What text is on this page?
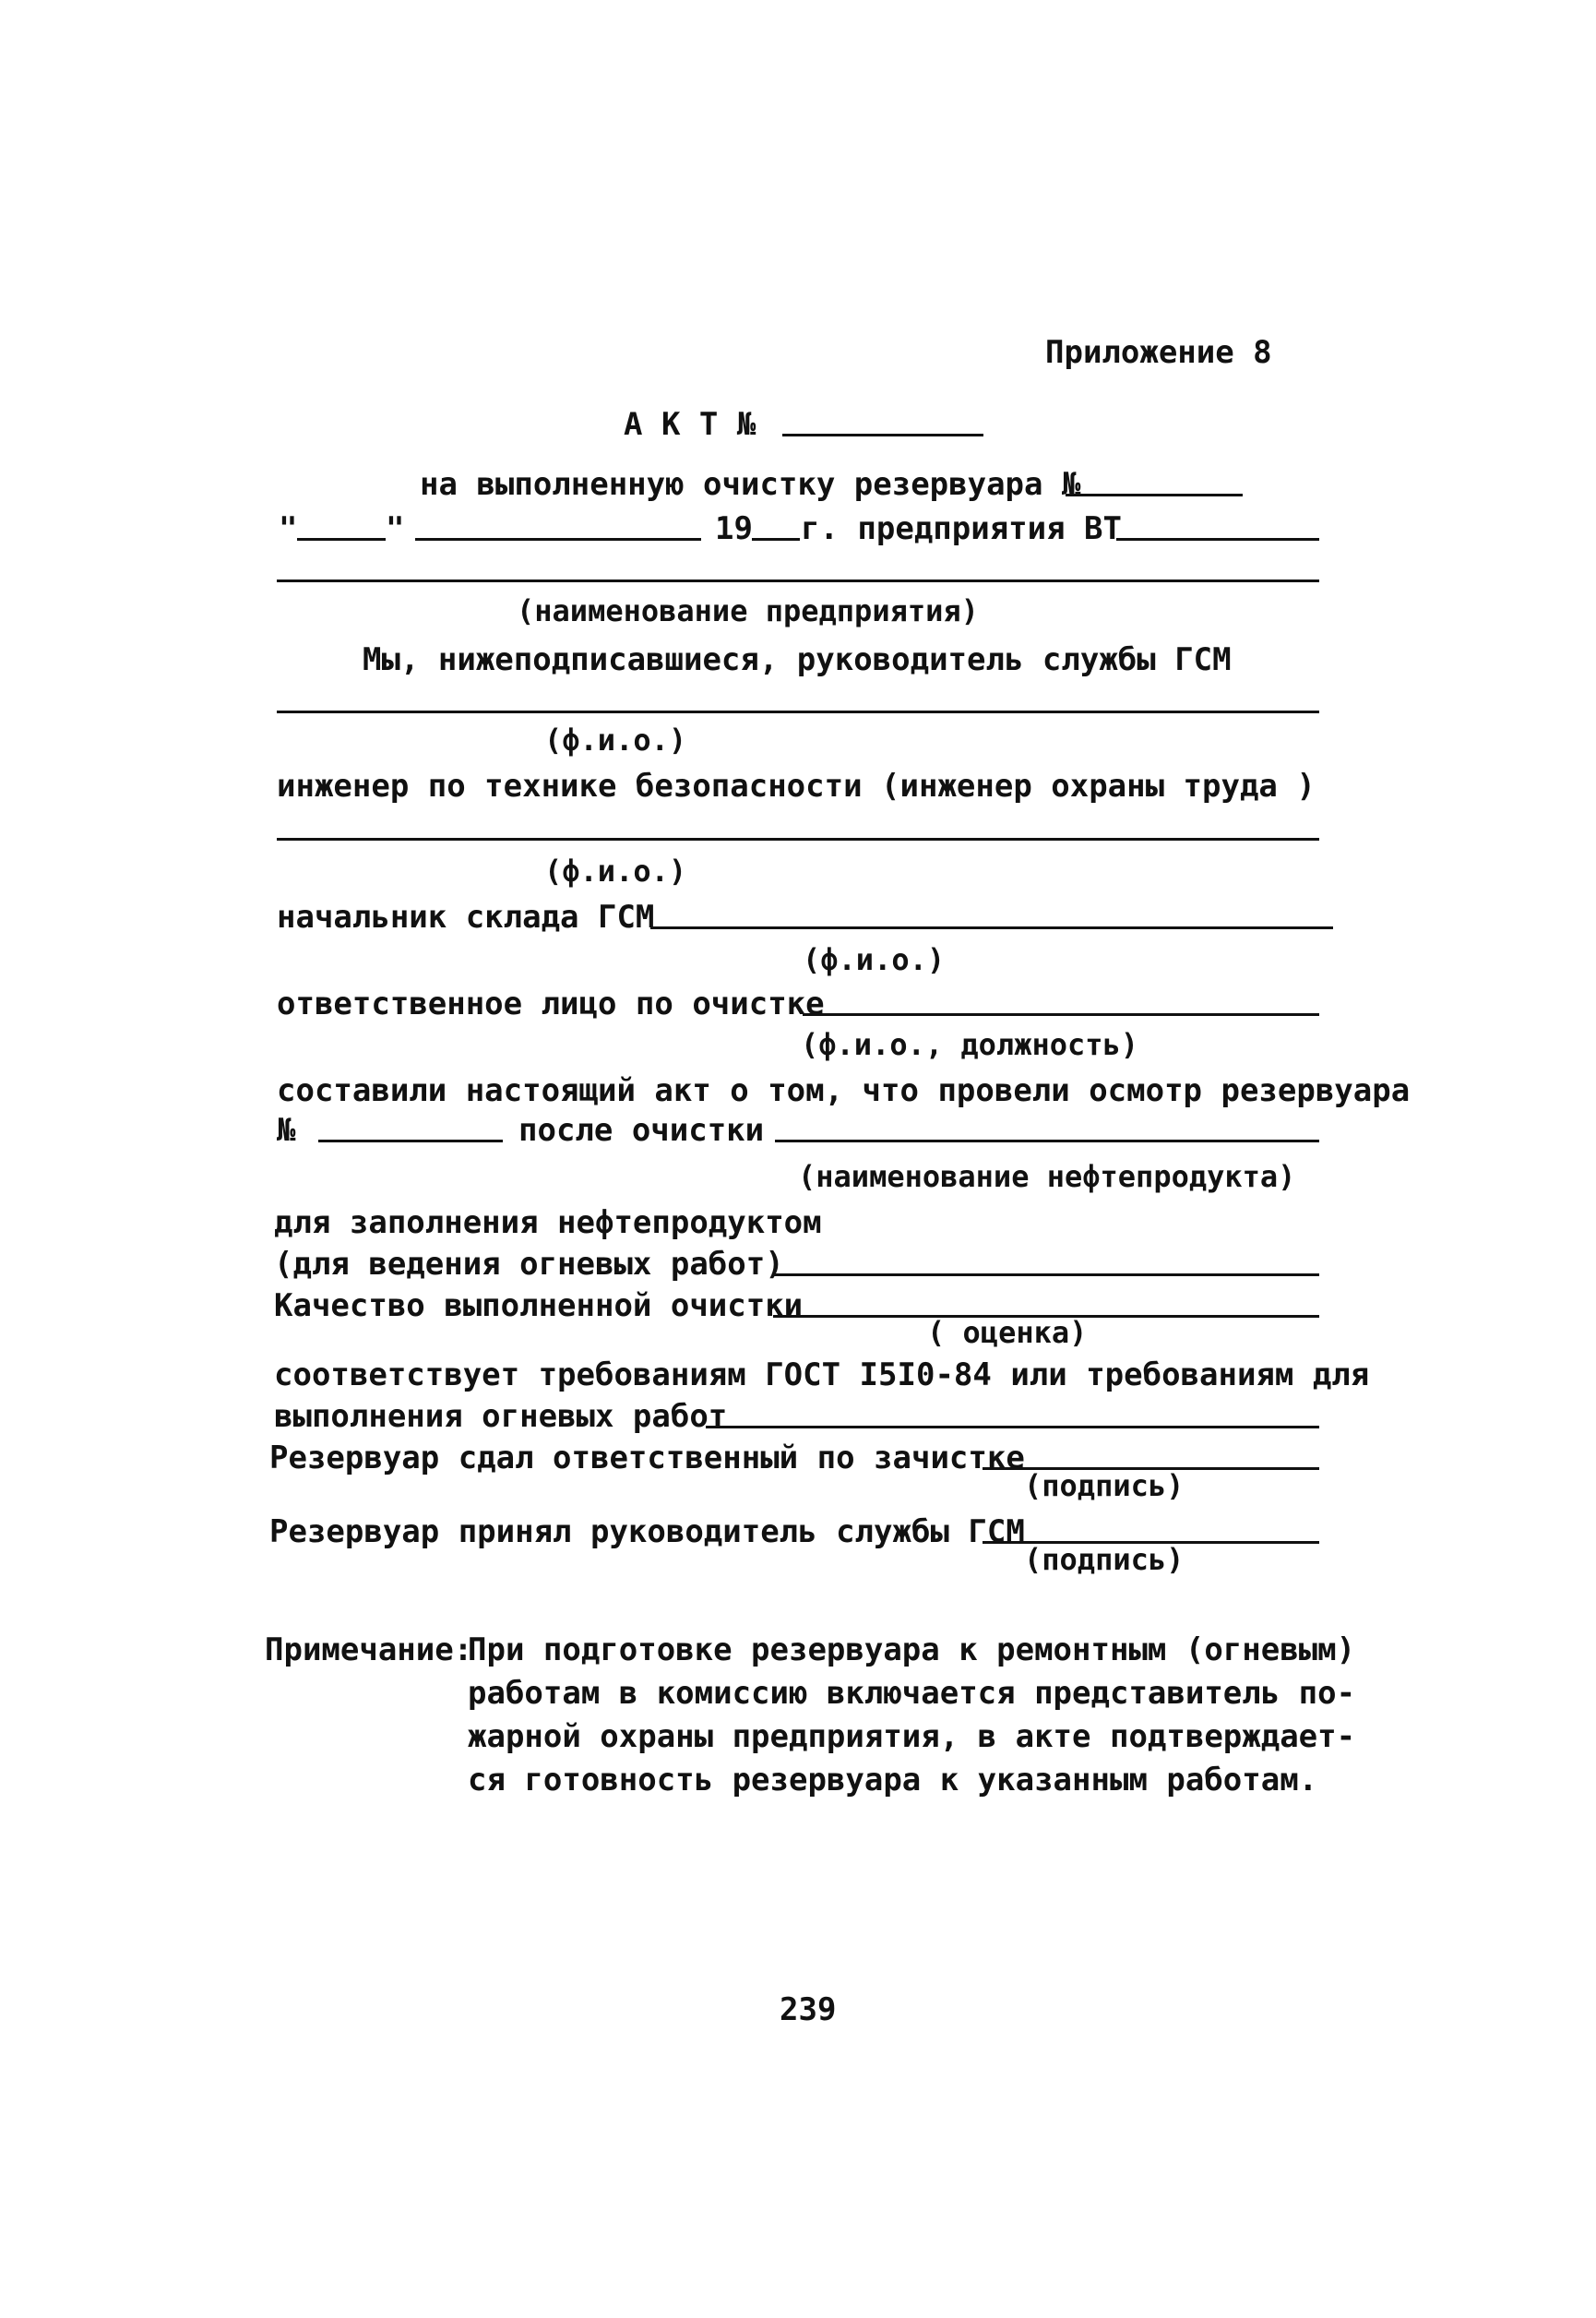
Приложение 8
А К Т №
на выполненную очистку резервуара №
"	"	19 г. предприятия ВТ
(наименование предприятия)
Мы, нижеподписавшиеся, руководитель службы ГСМ
(ф.и.о.)
инженер по технике безопасности (инженер охраны труда )
(ф.и.о.)
начальник склада ГСМ
(ф.и.о.)
ответственное лицо по очистке
(ф.и.о., должность)
составили настоящий акт о том, что провели осмотр резервуара
№	после очистки
(наименование нефтепродукта)
для заполнения нефтепродуктом
(для ведения огневых работ)
Качество выполненной очистки
( оценка)
соответствует требованиям ГОСТ I5I0-84 или требованиям для
выполнения огневых работ
Резервуар сдал ответственный по зачистке
(подпись)
Резервуар принял руководитель службы ГСМ
(подпись)
Примечание:
При подготовке резервуара к ремонтным (огневым)
работам в комиссию включается представитель по-
жарной охраны предприятия, в акте подтверждает-
ся готовность резервуара к указанным работам.
239
